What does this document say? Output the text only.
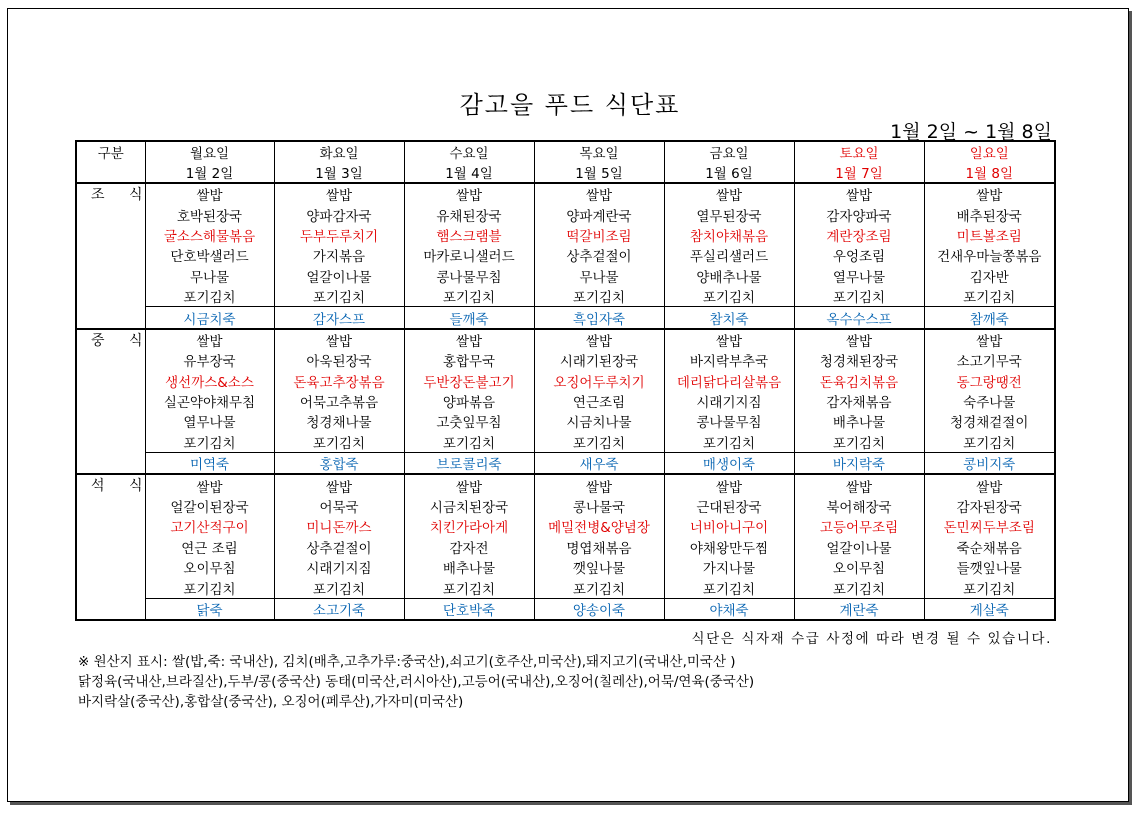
감고을 푸드 식단표
1월 2일 ~ 1월 8일
구분	월요일	화요일	수요일	목요일	금요일	토요일	일요일
	1월 2일	1월 3일	1월 4일	1월 5일	1월 6일	1월 7일	1월 8일
조 식	쌀밥	쌀밥	쌀밥	쌀밥	쌀밥	쌀밥	쌀밥
	호박된장국	양파감자국	유채된장국	양파계란국	열무된장국	감자양파국	배추된장국
	굴소스해물볶음	두부두루치기	햄스크램블	떡갈비조림	참치야채볶음	계란장조림	미트볼조림
	단호박샐러드	가지볶음	마카로니샐러드	상추겉절이	푸실리샐러드	우엉조림	건새우마늘쫑볶음
	무나물	얼갈이나물	콩나물무침	무나물	양배추나물	열무나물	김자반
	포기김치	포기김치	포기김치	포기김치	포기김치	포기김치	포기김치
	시금치죽	감자스프	들깨죽	흑임자죽	참치죽	옥수수스프	참깨죽
중 식	쌀밥	쌀밥	쌀밥	쌀밥	쌀밥	쌀밥	쌀밥
	유부장국	아욱된장국	홍합무국	시래기된장국	바지락부추국	청경채된장국	소고기무국
	생선까스&소스	돈육고추장볶음	두반장돈불고기	오징어두루치기	데리닭다리살볶음	돈육김치볶음	동그랑땡전
	실곤약야채무침	어묵고추볶음	양파볶음	연근조림	시래기지짐	감자채볶음	숙주나물
	열무나물	청경채나물	고춧잎무침	시금치나물	콩나물무침	배추나물	청경채겉절이
	포기김치	포기김치	포기김치	포기김치	포기김치	포기김치	포기김치
	미역죽	홍합죽	브로콜리죽	새우죽	매생이죽	바지락죽	콩비지죽
석 식	쌀밥	쌀밥	쌀밥	쌀밥	쌀밥	쌀밥	쌀밥
	얼갈이된장국	어묵국	시금치된장국	콩나물국	근대된장국	북어해장국	감자된장국
	고기산적구이	미니돈까스	치킨가라아게	메밀전병&양념장	너비아니구이	고등어무조림	돈민찌두부조림
	연근 조림	상추겉절이	감자전	명엽채볶음	야채왕만두찜	얼갈이나물	죽순채볶음
	오이무침	시래기지짐	배추나물	깻잎나물	가지나물	오이무침	들깻잎나물
	포기김치	포기김치	포기김치	포기김치	포기김치	포기김치	포기김치
	닭죽	소고기죽	단호박죽	양송이죽	야채죽	계란죽	게살죽
식단은 식자재 수급 사정에 따라 변경 될 수 있습니다.
※ 원산지 표시: 쌀(밥,죽: 국내산), 김치(배추,고추가루:중국산),쇠고기(호주산,미국산),돼지고기(국내산,미국산 )
닭정육(국내산,브라질산),두부/콩(중국산) 동태(미국산,러시아산),고등어(국내산),오징어(칠레산),어묵/연육(중국산)
바지락살(중국산),홍합살(중국산), 오징어(페루산),가자미(미국산)
